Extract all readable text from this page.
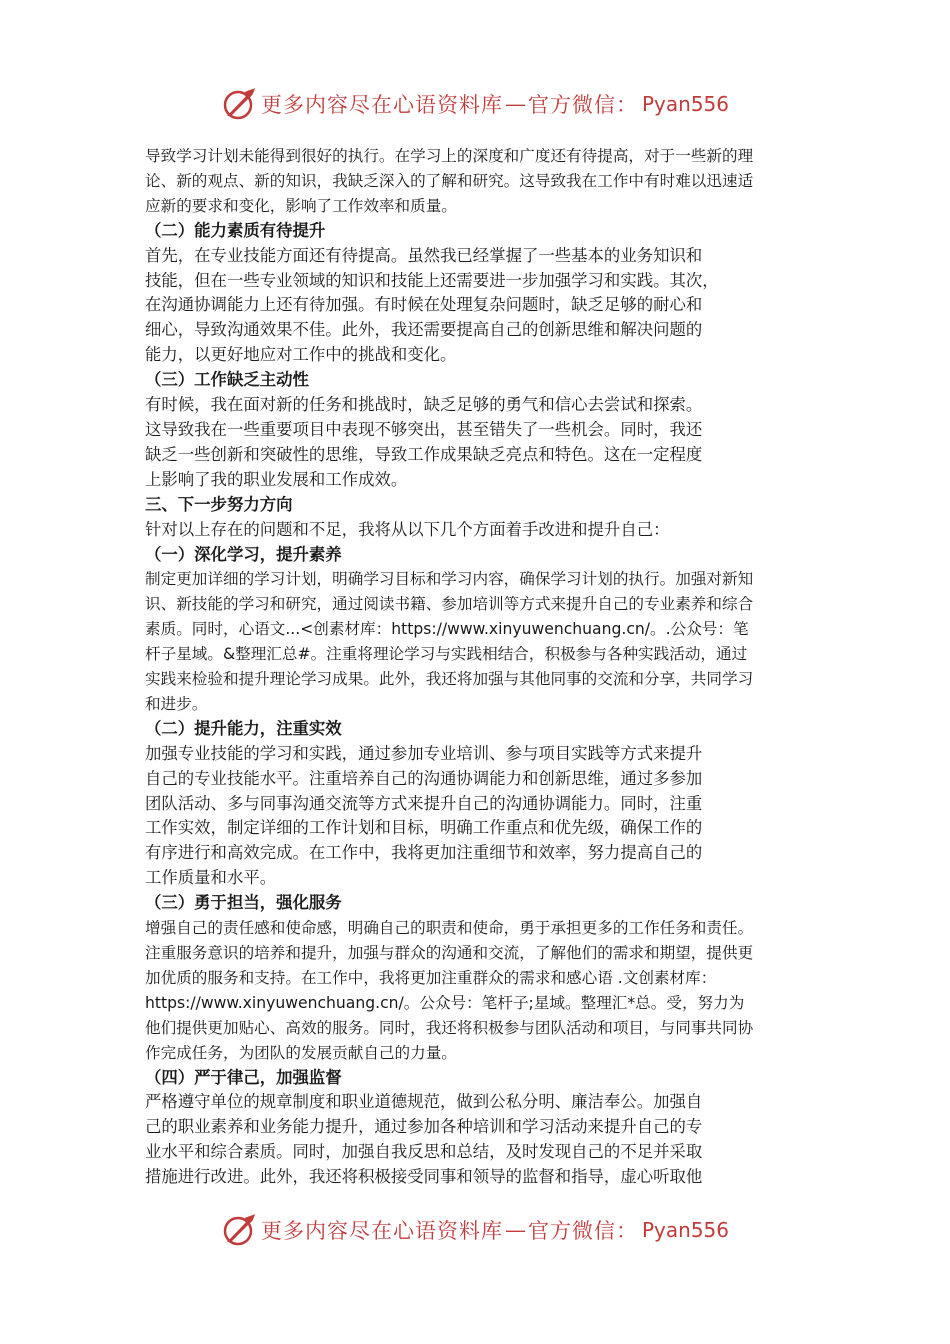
更多内容尽在心语资料库 — 官方微信： Pyan556
导致学习计划未能得到很好的执行。在学习上的深度和广度还有待提高，对于一些新的理
论、新的观点、新的知识，我缺乏深入的了解和研究。这导致我在工作中有时难以迅速适
应新的要求和变化，影响了工作效率和质量。
（二）能力素质有待提升
首先，在专业技能方面还有待提高。虽然我已经掌握了一些基本的业务知识和
技能，但在一些专业领域的知识和技能上还需要进一步加强学习和实践。其次，
在沟通协调能力上还有待加强。有时候在处理复杂问题时，缺乏足够的耐心和
细心，导致沟通效果不佳。此外，我还需要提高自己的创新思维和解决问题的
能力，以更好地应对工作中的挑战和变化。
（三）工作缺乏主动性
有时候，我在面对新的任务和挑战时，缺乏足够的勇气和信心去尝试和探索。
这导致我在一些重要项目中表现不够突出，甚至错失了一些机会。同时，我还
缺乏一些创新和突破性的思维，导致工作成果缺乏亮点和特色。这在一定程度
上影响了我的职业发展和工作成效。
三、下一步努力方向
针对以上存在的问题和不足，我将从以下几个方面着手改进和提升自己：
（一）深化学习，提升素养
制定更加详细的学习计划，明确学习目标和学习内容，确保学习计划的执行。加强对新知
识、新技能的学习和研究，通过阅读书籍、参加培训等方式来提升自己的专业素养和综合
素质。同时，心语文...<创素材库：https://www.xinyuwenchuang.cn/。.公众号：笔
杆子星域。&整理汇总#。注重将理论学习与实践相结合，积极参与各种实践活动，通过
实践来检验和提升理论学习成果。此外，我还将加强与其他同事的交流和分享，共同学习
和进步。
（二）提升能力，注重实效
加强专业技能的学习和实践，通过参加专业培训、参与项目实践等方式来提升
自己的专业技能水平。注重培养自己的沟通协调能力和创新思维，通过多参加
团队活动、多与同事沟通交流等方式来提升自己的沟通协调能力。同时，注重
工作实效，制定详细的工作计划和目标，明确工作重点和优先级，确保工作的
有序进行和高效完成。在工作中，我将更加注重细节和效率，努力提高自己的
工作质量和水平。
（三）勇于担当，强化服务
增强自己的责任感和使命感，明确自己的职责和使命，勇于承担更多的工作任务和责任。
注重服务意识的培养和提升，加强与群众的沟通和交流，了解他们的需求和期望，提供更
加优质的服务和支持。在工作中，我将更加注重群众的需求和感心语 .文创素材库：
https://www.xinyuwenchuang.cn/。公众号：笔杆子;星域。整理汇*总。受，努力为
他们提供更加贴心、高效的服务。同时，我还将积极参与团队活动和项目，与同事共同协
作完成任务，为团队的发展贡献自己的力量。
（四）严于律己，加强监督
严格遵守单位的规章制度和职业道德规范，做到公私分明、廉洁奉公。加强自
己的职业素养和业务能力提升，通过参加各种培训和学习活动来提升自己的专
业水平和综合素质。同时，加强自我反思和总结，及时发现自己的不足并采取
措施进行改进。此外，我还将积极接受同事和领导的监督和指导，虚心听取他
更多内容尽在心语资料库 — 官方微信： Pyan556
